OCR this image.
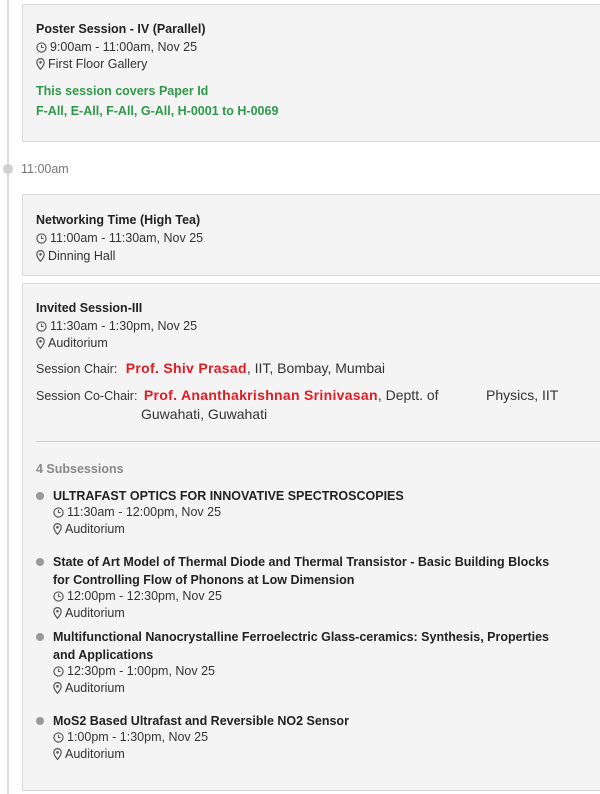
Poster Session - IV (Parallel)
9:00am - 11:00am, Nov 25
First Floor Gallery
This session covers Paper Id
F-All, E-All, F-All, G-All, H-0001 to H-0069
11:00am
Networking Time (High Tea)
11:00am - 11:30am, Nov 25
Dinning Hall
Invited Session-III
11:30am - 1:30pm, Nov 25
Auditorium
Session Chair: Prof. Shiv Prasad, IIT, Bombay, Mumbai
Session Co-Chair: Prof. Ananthakrishnan Srinivasan, Deptt. of	Physics, IIT
Guwahati, Guwahati
4 Subsessions
ULTRAFAST OPTICS FOR INNOVATIVE SPECTROSCOPIES
11:30am - 12:00pm, Nov 25
Auditorium
State of Art Model of Thermal Diode and Thermal Transistor - Basic Building Blocks
for Controlling Flow of Phonons at Low Dimension
12:00pm - 12:30pm, Nov 25
Auditorium
Multifunctional Nanocrystalline Ferroelectric Glass-ceramics: Synthesis, Properties
and Applications
12:30pm - 1:00pm, Nov 25
Auditorium
MoS2 Based Ultrafast and Reversible NO2 Sensor
1:00pm - 1:30pm, Nov 25
Auditorium
